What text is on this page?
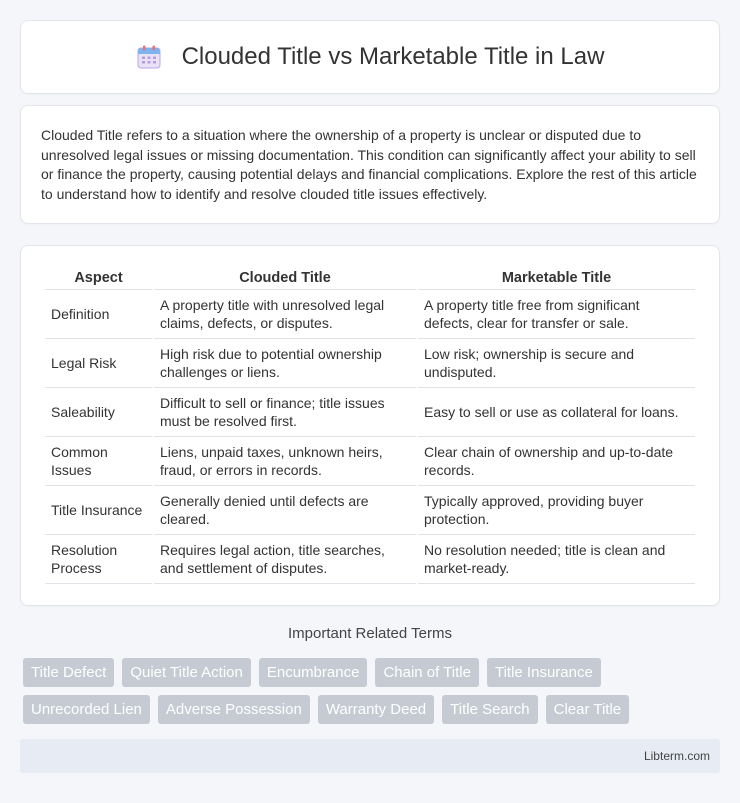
Clouded Title vs Marketable Title in Law

Clouded Title refers to a situation where the ownership of a property is unclear or disputed due to unresolved legal issues or missing documentation. This condition can significantly affect your ability to sell or finance the property, causing potential delays and financial complications. Explore the rest of this article to understand how to identify and resolve clouded title issues effectively.

Aspect	Clouded Title	Marketable Title
Definition	A property title with unresolved legal claims, defects, or disputes.	A property title free from significant defects, clear for transfer or sale.
Legal Risk	High risk due to potential ownership challenges or liens.	Low risk; ownership is secure and undisputed.
Saleability	Difficult to sell or finance; title issues must be resolved first.	Easy to sell or use as collateral for loans.
Common Issues	Liens, unpaid taxes, unknown heirs, fraud, or errors in records.	Clear chain of ownership and up-to-date records.
Title Insurance	Generally denied until defects are cleared.	Typically approved, providing buyer protection.
Resolution Process	Requires legal action, title searches, and settlement of disputes.	No resolution needed; title is clean and market-ready.
Important Related Terms
Title Defect	Quiet Title Action	Encumbrance	Chain of Title	Title Insurance
Unrecorded Lien	Adverse Possession	Warranty Deed	Title Search	Clear Title
Libterm.com
